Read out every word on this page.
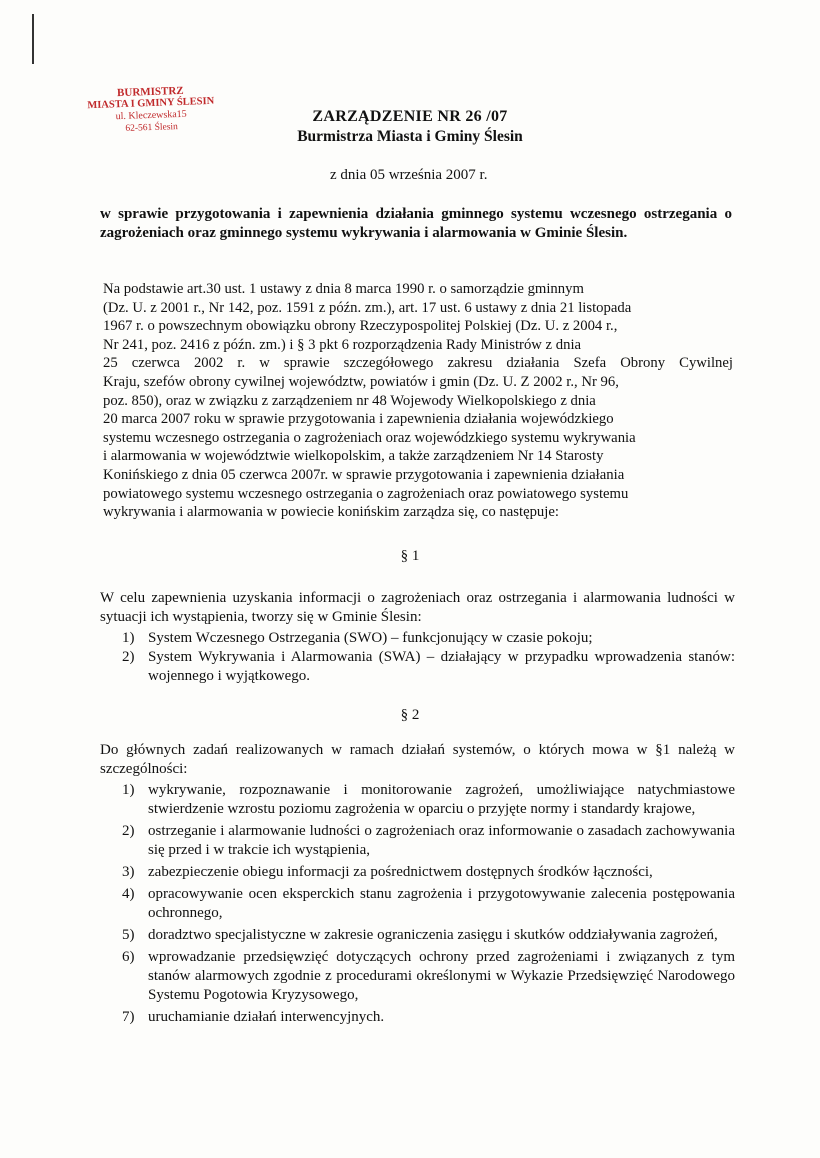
BURMISTRZ
MIASTA I GMINY ŚLESIN
ul. Kleczewska15
62-561 Ślesin
ZARZĄDZENIE NR 26 /07
Burmistrza Miasta i Gminy Ślesin
z dnia 05 września 2007 r.
w sprawie przygotowania i zapewnienia działania gminnego systemu wczesnego ostrzegania o zagrożeniach oraz gminnego systemu wykrywania i alarmowania w Gminie Ślesin.
Na podstawie art.30 ust. 1 ustawy z dnia 8 marca 1990 r. o samorządzie gminnym
(Dz. U. z 2001 r., Nr 142, poz. 1591 z późn. zm.), art. 17 ust. 6 ustawy z dnia 21 listopada
1967 r. o powszechnym obowiązku obrony Rzeczypospolitej Polskiej (Dz. U. z 2004 r.,
Nr 241, poz. 2416 z późn. zm.) i § 3 pkt 6 rozporządzenia Rady Ministrów z dnia
25 czerwca 2002 r. w sprawie szczegółowego zakresu działania Szefa Obrony Cywilnej
Kraju, szefów obrony cywilnej województw, powiatów i gmin (Dz. U. Z 2002 r., Nr 96,
poz. 850), oraz w związku z zarządzeniem nr 48 Wojewody Wielkopolskiego z dnia
20 marca 2007 roku w sprawie przygotowania i zapewnienia działania wojewódzkiego
systemu wczesnego ostrzegania o zagrożeniach oraz wojewódzkiego systemu wykrywania
i alarmowania w województwie wielkopolskim, a także zarządzeniem Nr 14 Starosty
Konińskiego z dnia 05 czerwca 2007r. w sprawie przygotowania i zapewnienia działania
powiatowego systemu wczesnego ostrzegania o zagrożeniach oraz powiatowego systemu
wykrywania i alarmowania w powiecie konińskim zarządza się, co następuje:
§ 1
W celu zapewnienia uzyskania informacji o zagrożeniach oraz ostrzegania i alarmowania ludności w sytuacji ich wystąpienia, tworzy się w Gminie Ślesin:
1) System Wczesnego Ostrzegania (SWO) – funkcjonujący w czasie pokoju;
2) System Wykrywania i Alarmowania (SWA) – działający w przypadku wprowadzenia stanów: wojennego i wyjątkowego.
§ 2
Do głównych zadań realizowanych w ramach działań systemów, o których mowa w §1 należą w szczególności:
1) wykrywanie, rozpoznawanie i monitorowanie zagrożeń, umożliwiające natychmiastowe stwierdzenie wzrostu poziomu zagrożenia w oparciu o przyjęte normy i standardy krajowe,
2) ostrzeganie i alarmowanie ludności o zagrożeniach oraz informowanie o zasadach zachowywania się przed i w trakcie ich wystąpienia,
3) zabezpieczenie obiegu informacji za pośrednictwem dostępnych środków łączności,
4) opracowywanie ocen eksperckich stanu zagrożenia i przygotowywanie zalecenia postępowania ochronnego,
5) doradztwo specjalistyczne w zakresie ograniczenia zasięgu i skutków oddziaływania zagrożeń,
6) wprowadzanie przedsięwzięć dotyczących ochrony przed zagrożeniami i związanych z tym stanów alarmowych zgodnie z procedurami określonymi w Wykazie Przedsięwzięć Narodowego Systemu Pogotowia Kryzysowego,
7) uruchamianie działań interwencyjnych.
